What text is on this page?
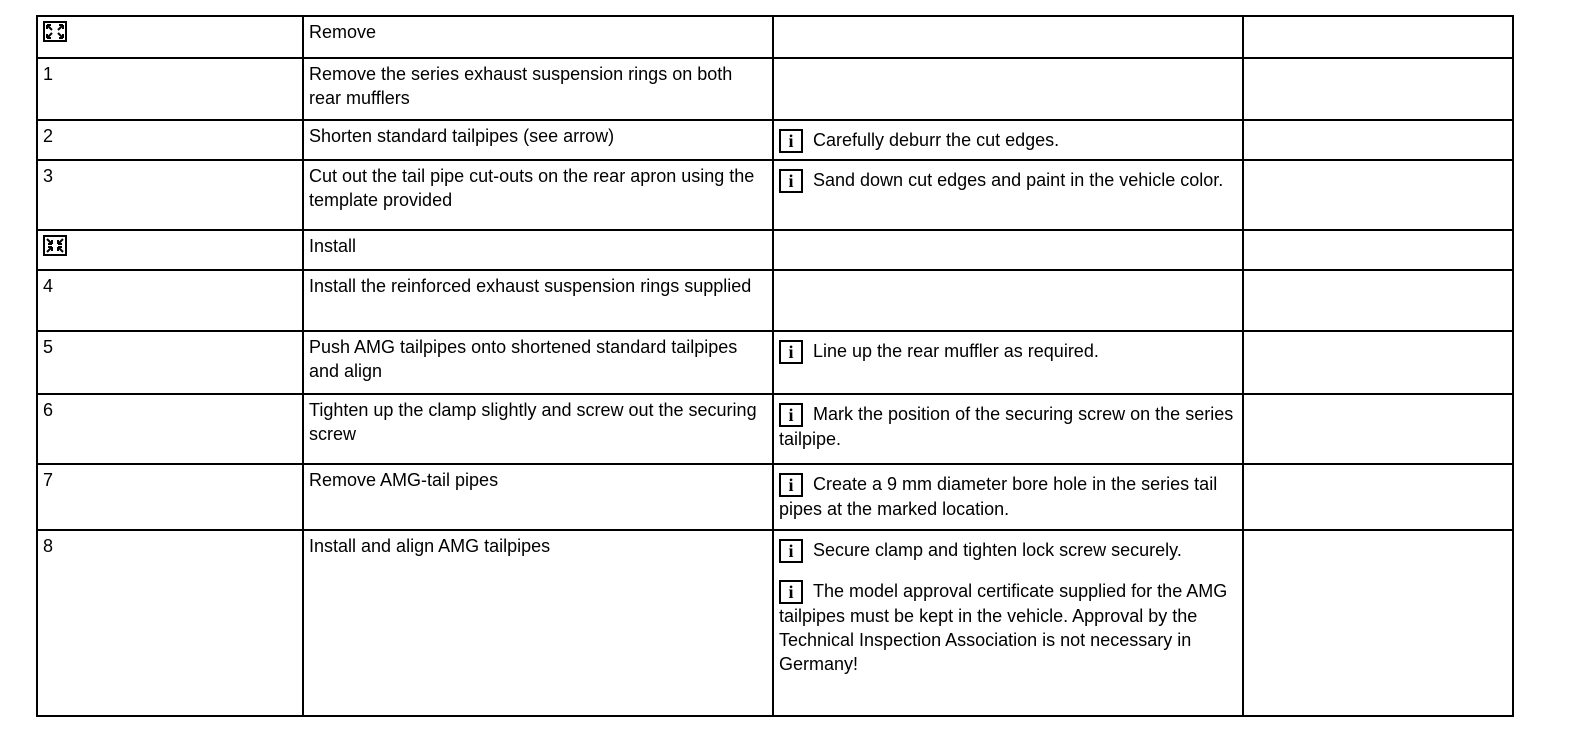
	Remove		
1	Remove the series exhaust suspension rings on both rear mufflers		
2	Shorten standard tailpipes (see arrow)	i Carefully deburr the cut edges.	

3	Cut out the tail pipe cut-outs on the rear apron using the template provided	i Sand down cut edges and paint in the vehicle color.	

	Install		
4	Install the reinforced exhaust suspension rings supplied		
5	Push AMG tailpipes onto shortened standard tailpipes and align	i Line up the rear muffler as required.	

6	Tighten up the clamp slightly and screw out the securing screw	i Mark the position of the securing screw on the series tailpipe.	

7	Remove AMG-tail pipes	i Create a 9 mm diameter bore hole in the series tail pipes at the marked location.	

8	Install and align AMG tailpipes	i Secure clamp and tighten lock screw securely.
i The model approval certificate supplied for the AMG tailpipes must be kept in the vehicle. Approval by the Technical Inspection Association is not necessary in Germany!	
